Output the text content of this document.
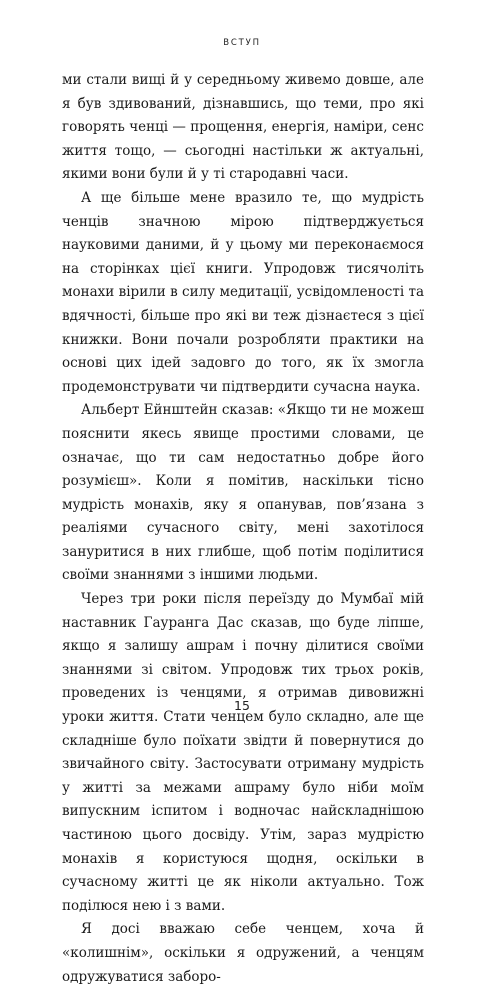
ВСТУП

ми стали вищі й у середньому живемо довше, але я був здивований, дізнавшись, що теми, про які говорять ченці — прощення, енергія, наміри, сенс життя тощо, — сьогодні настільки ж актуальні, якими вони були й у ті стародавні часи.

А ще більше мене вразило те, що мудрість ченців значною мірою підтверджується науковими даними, й у цьому ми переконаємося на сторінках цієї книги. Упродовж тисячоліть монахи вірили в силу медитації, усвідомленості та вдячності, більше про які ви теж дізнаєтеся з цієї книжки. Вони почали розробляти практики на основі цих ідей задовго до того, як їх змогла продемонструвати чи підтвердити сучасна наука.

Альберт Ейнштейн сказав: «Якщо ти не можеш пояснити якесь явище простими словами, це означає, що ти сам недостатньо добре його розумієш». Коли я помітив, наскільки тісно мудрість монахів, яку я опанував, пов’язана з реаліями сучасного світу, мені захотілося зануритися в них глибше, щоб потім поділитися своїми знаннями з іншими людьми.

Через три роки після переїзду до Мумбаї мій наставник Гауранга Дас сказав, що буде ліпше, якщо я залишу ашрам і почну ділитися своїми знаннями зі світом. Упродовж тих трьох років, проведених із ченцями, я отримав дивовижні уроки життя. Стати ченцем було складно, але ще складніше було поїхати звідти й повернутися до звичайного світу. Застосувати отриману мудрість у житті за межами ашраму було ніби моїм випускним іспитом і водночас найскладнішою частиною цього досвіду. Утім, зараз мудрістю монахів я користуюся щодня, оскільки в сучасному житті це як ніколи актуально. Тож поділюся нею і з вами.

Я досі вважаю себе ченцем, хоча й «колишнім», оскільки я одружений, а ченцям одружуватися заборо-

15
